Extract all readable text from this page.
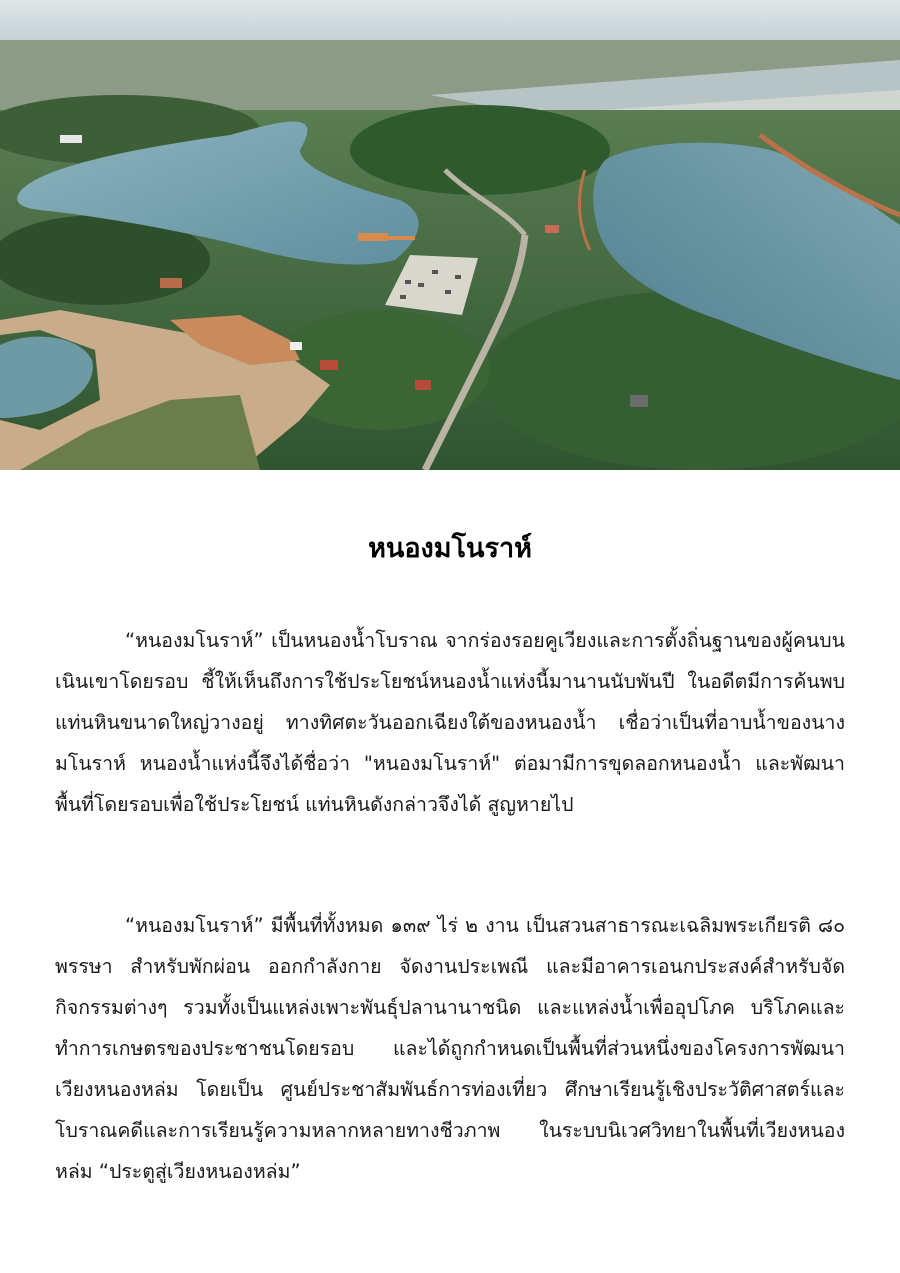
หนองมโนราห์

“หนองมโนราห์” เป็นหนองน้ำโบราณ จากร่องรอยคูเวียงและการตั้งถิ่นฐานของผู้คนบนเนินเขาโดยรอบ ชี้ให้เห็นถึงการใช้ประโยชน์หนองน้ำแห่งนี้มานานนับพันปี ในอดีตมีการค้นพบแท่นหินขนาดใหญ่วางอยู่ ทางทิศตะวันออกเฉียงใต้ของหนองน้ำ เชื่อว่าเป็นที่อาบน้ำของนางมโนราห์ หนองน้ำแห่งนี้จึงได้ชื่อว่า "หนองมโนราห์" ต่อมามีการขุดลอกหนองน้ำ และพัฒนาพื้นที่โดยรอบเพื่อใช้ประโยชน์ แท่นหินดังกล่าวจึงได้ สูญหายไป

“หนองมโนราห์” มีพื้นที่ทั้งหมด ๑๓๙ ไร่ ๒ งาน เป็นสวนสาธารณะเฉลิมพระเกียรติ ๘๐ พรรษา สำหรับพักผ่อน ออกกำลังกาย จัดงานประเพณี และมีอาคารเอนกประสงค์สำหรับจัดกิจกรรมต่างๆ รวมทั้งเป็นแหล่งเพาะพันธุ์ปลานานาชนิด และแหล่งน้ำเพื่ออุปโภค บริโภคและทำการเกษตรของประชาชนโดยรอบ และได้ถูกกำหนดเป็นพื้นที่ส่วนหนึ่งของโครงการพัฒนาเวียงหนองหล่ม โดยเป็น ศูนย์ประชาสัมพันธ์การท่องเที่ยว ศึกษาเรียนรู้เชิงประวัติศาสตร์และโบราณคดีและการเรียนรู้ความหลากหลายทางชีวภาพ ในระบบนิเวศวิทยาในพื้นที่เวียงหนองหล่ม “ประตูสู่เวียงหนองหล่ม”
